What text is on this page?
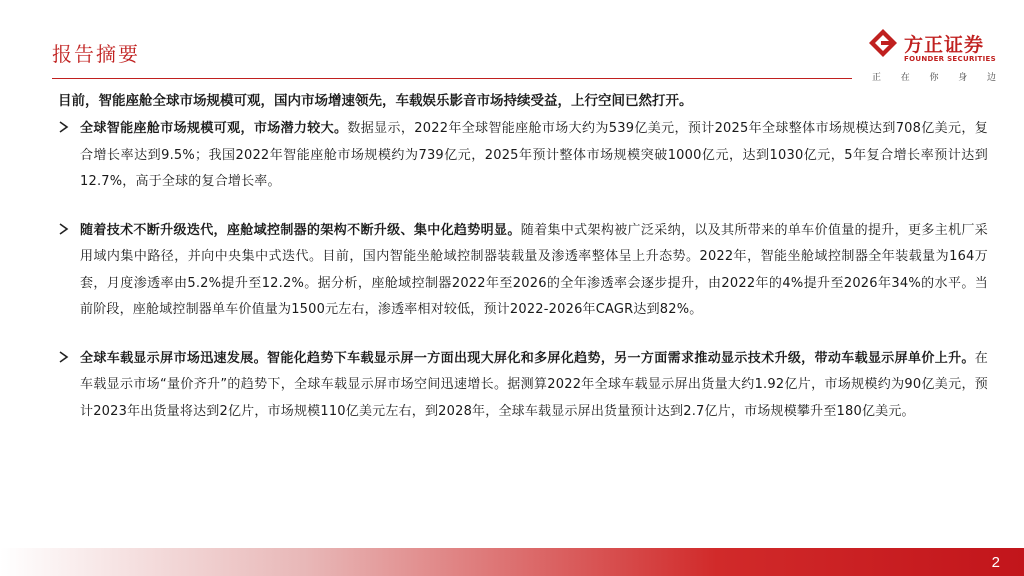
报告摘要	方正证券
FOUNDER SECURITIES
正 在 你 身 边

目前，智能座舱全球市场规模可观，国内市场增速领先，车载娱乐影音市场持续受益，上行空间已然打开。

全球智能座舱市场规模可观，市场潜力较大。数据显示，2022年全球智能座舱市场大约为539亿美元，预计2025年全球整体市场规模达到708亿美元，复合增长率达到9.5%；我国2022年智能座舱市场规模约为739亿元，2025年预计整体市场规模突破1000亿元，达到1030亿元，5年复合增长率预计达到12.7%，高于全球的复合增长率。

随着技术不断升级迭代，座舱域控制器的架构不断升级、集中化趋势明显。随着集中式架构被广泛采纳，以及其所带来的单车价值量的提升，更多主机厂采用域内集中路径，并向中央集中式迭代。目前，国内智能坐舱域控制器装载量及渗透率整体呈上升态势。2022年，智能坐舱域控制器全年装载量为164万套，月度渗透率由5.2%提升至12.2%。据分析，座舱域控制器2022年至2026的全年渗透率会逐步提升，由2022年的4%提升至2026年34%的水平。当前阶段，座舱域控制器单车价值量为1500元左右，渗透率相对较低，预计2022-2026年CAGR达到82%。

全球车载显示屏市场迅速发展。智能化趋势下车载显示屏一方面出现大屏化和多屏化趋势，另一方面需求推动显示技术升级，带动车载显示屏单价上升。在车载显示市场“量价齐升”的趋势下，全球车载显示屏市场空间迅速增长。据测算2022年全球车载显示屏出货量大约1.92亿片，市场规模约为90亿美元，预计2023年出货量将达到2亿片，市场规模110亿美元左右，到2028年，全球车载显示屏出货量预计达到2.7亿片，市场规模攀升至180亿美元。

2
